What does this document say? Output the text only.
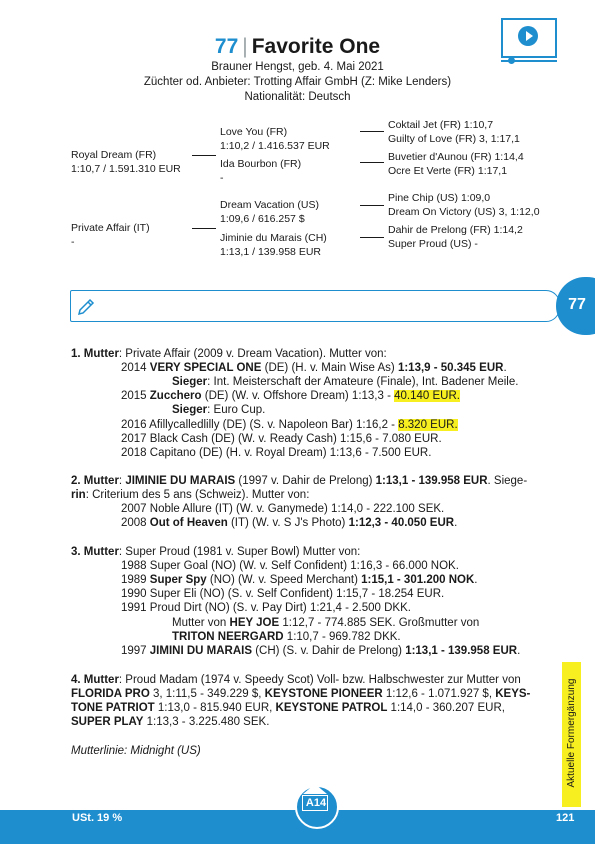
77 | Favorite One
Brauner Hengst, geb. 4. Mai 2021
Züchter od. Anbieter: Trotting Affair GmbH (Z: Mike Lenders)
Nationalität: Deutsch
Royal Dream (FR)
1:10,7 / 1.591.310 EUR
Private Affair (IT)
-
Love You (FR)
1:10,2 / 1.416.537 EUR
Ida Bourbon (FR)
-
Dream Vacation (US)
1:09,6 / 616.257 $
Jiminie du Marais (CH)
1:13,1 / 139.958 EUR
Coktail Jet (FR) 1:10,7
Guilty of Love (FR) 3, 1:17,1
Buvetier d'Aunou (FR) 1:14,4
Ocre Et Verte (FR) 1:17,1
Pine Chip (US) 1:09,0
Dream On Victory (US) 3, 1:12,0
Dahir de Prelong (FR) 1:14,2
Super Proud (US) -
77
1. Mutter: Private Affair (2009 v. Dream Vacation). Mutter von:
2014 VERY SPECIAL ONE (DE) (H. v. Main Wise As) 1:13,9 - 50.345 EUR.
Sieger: Int. Meisterschaft der Amateure (Finale), Int. Badener Meile.
2015 Zucchero (DE) (W. v. Offshore Dream) 1:13,3 - 40.140 EUR.
Sieger: Euro Cup.
2016 Afillycalledlilly (DE) (S. v. Napoleon Bar) 1:16,2 - 8.320 EUR.
2017 Black Cash (DE) (W. v. Ready Cash) 1:15,6 - 7.080 EUR.
2018 Capitano (DE) (H. v. Royal Dream) 1:13,6 - 7.500 EUR.
2. Mutter: JIMINIE DU MARAIS (1997 v. Dahir de Prelong) 1:13,1 - 139.958 EUR. Siege-
rin: Criterium des 5 ans (Schweiz). Mutter von:
2007 Noble Allure (IT) (W. v. Ganymede) 1:14,0 - 222.100 SEK.
2008 Out of Heaven (IT) (W. v. S J's Photo) 1:12,3 - 40.050 EUR.
3. Mutter: Super Proud (1981 v. Super Bowl) Mutter von:
1988 Super Goal (NO) (W. v. Self Confident) 1:16,3 - 66.000 NOK.
1989 Super Spy (NO) (W. v. Speed Merchant) 1:15,1 - 301.200 NOK.
1990 Super Eli (NO) (S. v. Self Confident) 1:15,7 - 18.254 EUR.
1991 Proud Dirt (NO) (S. v. Pay Dirt) 1:21,4 - 2.500 DKK.
Mutter von HEY JOE 1:12,7 - 774.885 SEK. Großmutter von
TRITON NEERGARD 1:10,7 - 969.782 DKK.
1997 JIMINI DU MARAIS (CH) (S. v. Dahir de Prelong) 1:13,1 - 139.958 EUR.
4. Mutter: Proud Madam (1974 v. Speedy Scot) Voll- bzw. Halbschwester zur Mutter von
FLORIDA PRO 3, 1:11,5 - 349.229 $, KEYSTONE PIONEER 1:12,6 - 1.071.927 $, KEYS-
TONE PATRIOT 1:13,0 - 815.940 EUR, KEYSTONE PATROL 1:14,0 - 360.207 EUR,
SUPER PLAY 1:13,3 - 3.225.480 SEK.
Mutterlinie: Midnight (US)	Aktuelle Formergänzung
USt. 19 %	121
A14
